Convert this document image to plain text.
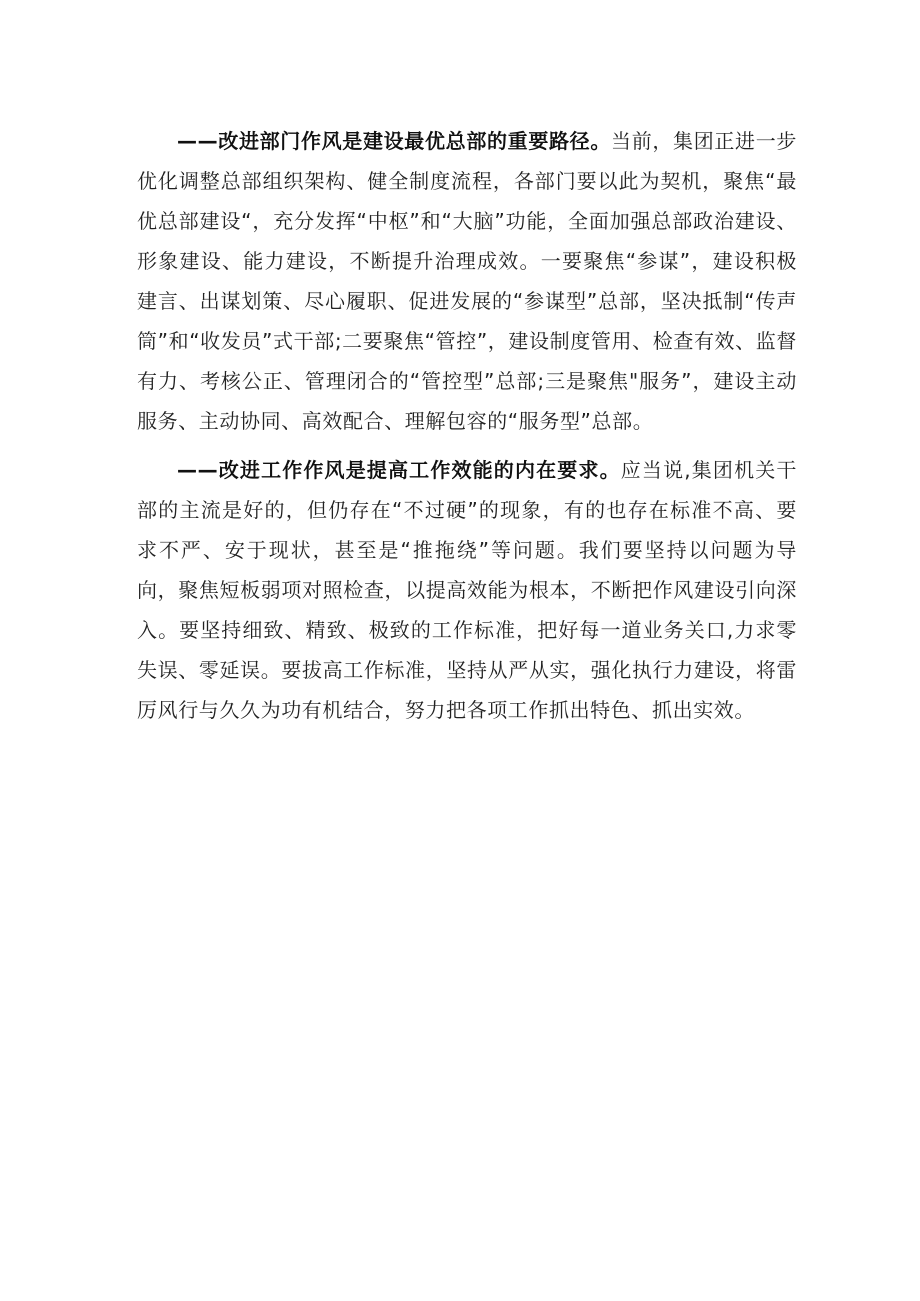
——改进部门作风是建设最优总部的重要路径。当前，集团正进一步优化调整总部组织架构、健全制度流程，各部门要以此为契机，聚焦“最优总部建设“，充分发挥“中枢”和“大脑”功能，全面加强总部政治建设、形象建设、能力建设，不断提升治理成效。一要聚焦“参谋”，建设积极建言、出谋划策、尽心履职、促进发展的“参谋型”总部，坚决抵制“传声筒”和“收发员”式干部;二要聚焦“管控”，建设制度管用、检查有效、监督有力、考核公正、管理闭合的“管控型”总部;三是聚焦"服务”，建设主动服务、主动协同、高效配合、理解包容的“服务型”总部。

——改进工作作风是提高工作效能的内在要求。应当说,集团机关干部的主流是好的，但仍存在“不过硬”的现象，有的也存在标准不高、要求不严、安于现状，甚至是“推拖绕”等问题。我们要坚持以问题为导向，聚焦短板弱项对照检查，以提高效能为根本，不断把作风建设引向深入。要坚持细致、精致、极致的工作标准，把好每一道业务关口,力求零失误、零延误。要拔高工作标准，坚持从严从实，强化执行力建设，将雷厉风行与久久为功有机结合，努力把各项工作抓出特色、抓出实效。
